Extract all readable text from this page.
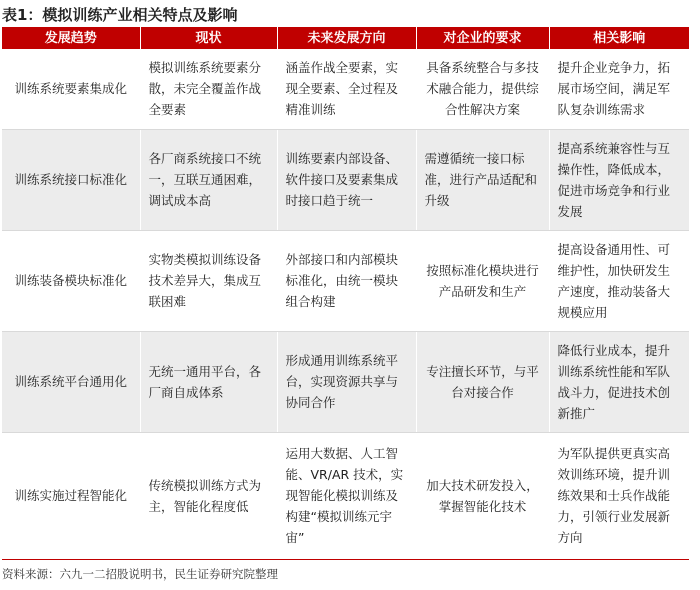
表1：模拟训练产业相关特点及影响
发展趋势	现状	未来发展方向	对企业的要求	相关影响
训练系统要素集成化	模拟训练系统要素分散，未完全覆盖作战全要素	涵盖作战全要素，实现全要素、全过程及精准训练	具备系统整合与多技术融合能力，提供综合性解决方案	提升企业竞争力，拓展市场空间，满足军队复杂训练需求
训练系统接口标准化	各厂商系统接口不统一，互联互通困难，调试成本高	训练要素内部设备、软件接口及要素集成时接口趋于统一	需遵循统一接口标准，进行产品适配和升级	提高系统兼容性与互操作性，降低成本，促进市场竞争和行业发展
训练装备模块标准化	实物类模拟训练设备技术差异大，集成互联困难	外部接口和内部模块标准化，由统一模块组合构建	按照标准化模块进行产品研发和生产	提高设备通用性、可维护性，加快研发生产速度，推动装备大规模应用
训练系统平台通用化	无统一通用平台，各厂商自成体系	形成通用训练系统平台，实现资源共享与协同合作	专注擅长环节，与平台对接合作	降低行业成本，提升训练系统性能和军队战斗力，促进技术创新推广
训练实施过程智能化	传统模拟训练方式为主，智能化程度低	运用大数据、人工智能、VR/AR 技术，实现智能化模拟训练及构建“模拟训练元宇宙”	加大技术研发投入，掌握智能化技术	为军队提供更真实高效训练环境，提升训练效果和士兵作战能力，引领行业发展新方向
资料来源：六九一二招股说明书，民生证券研究院整理
